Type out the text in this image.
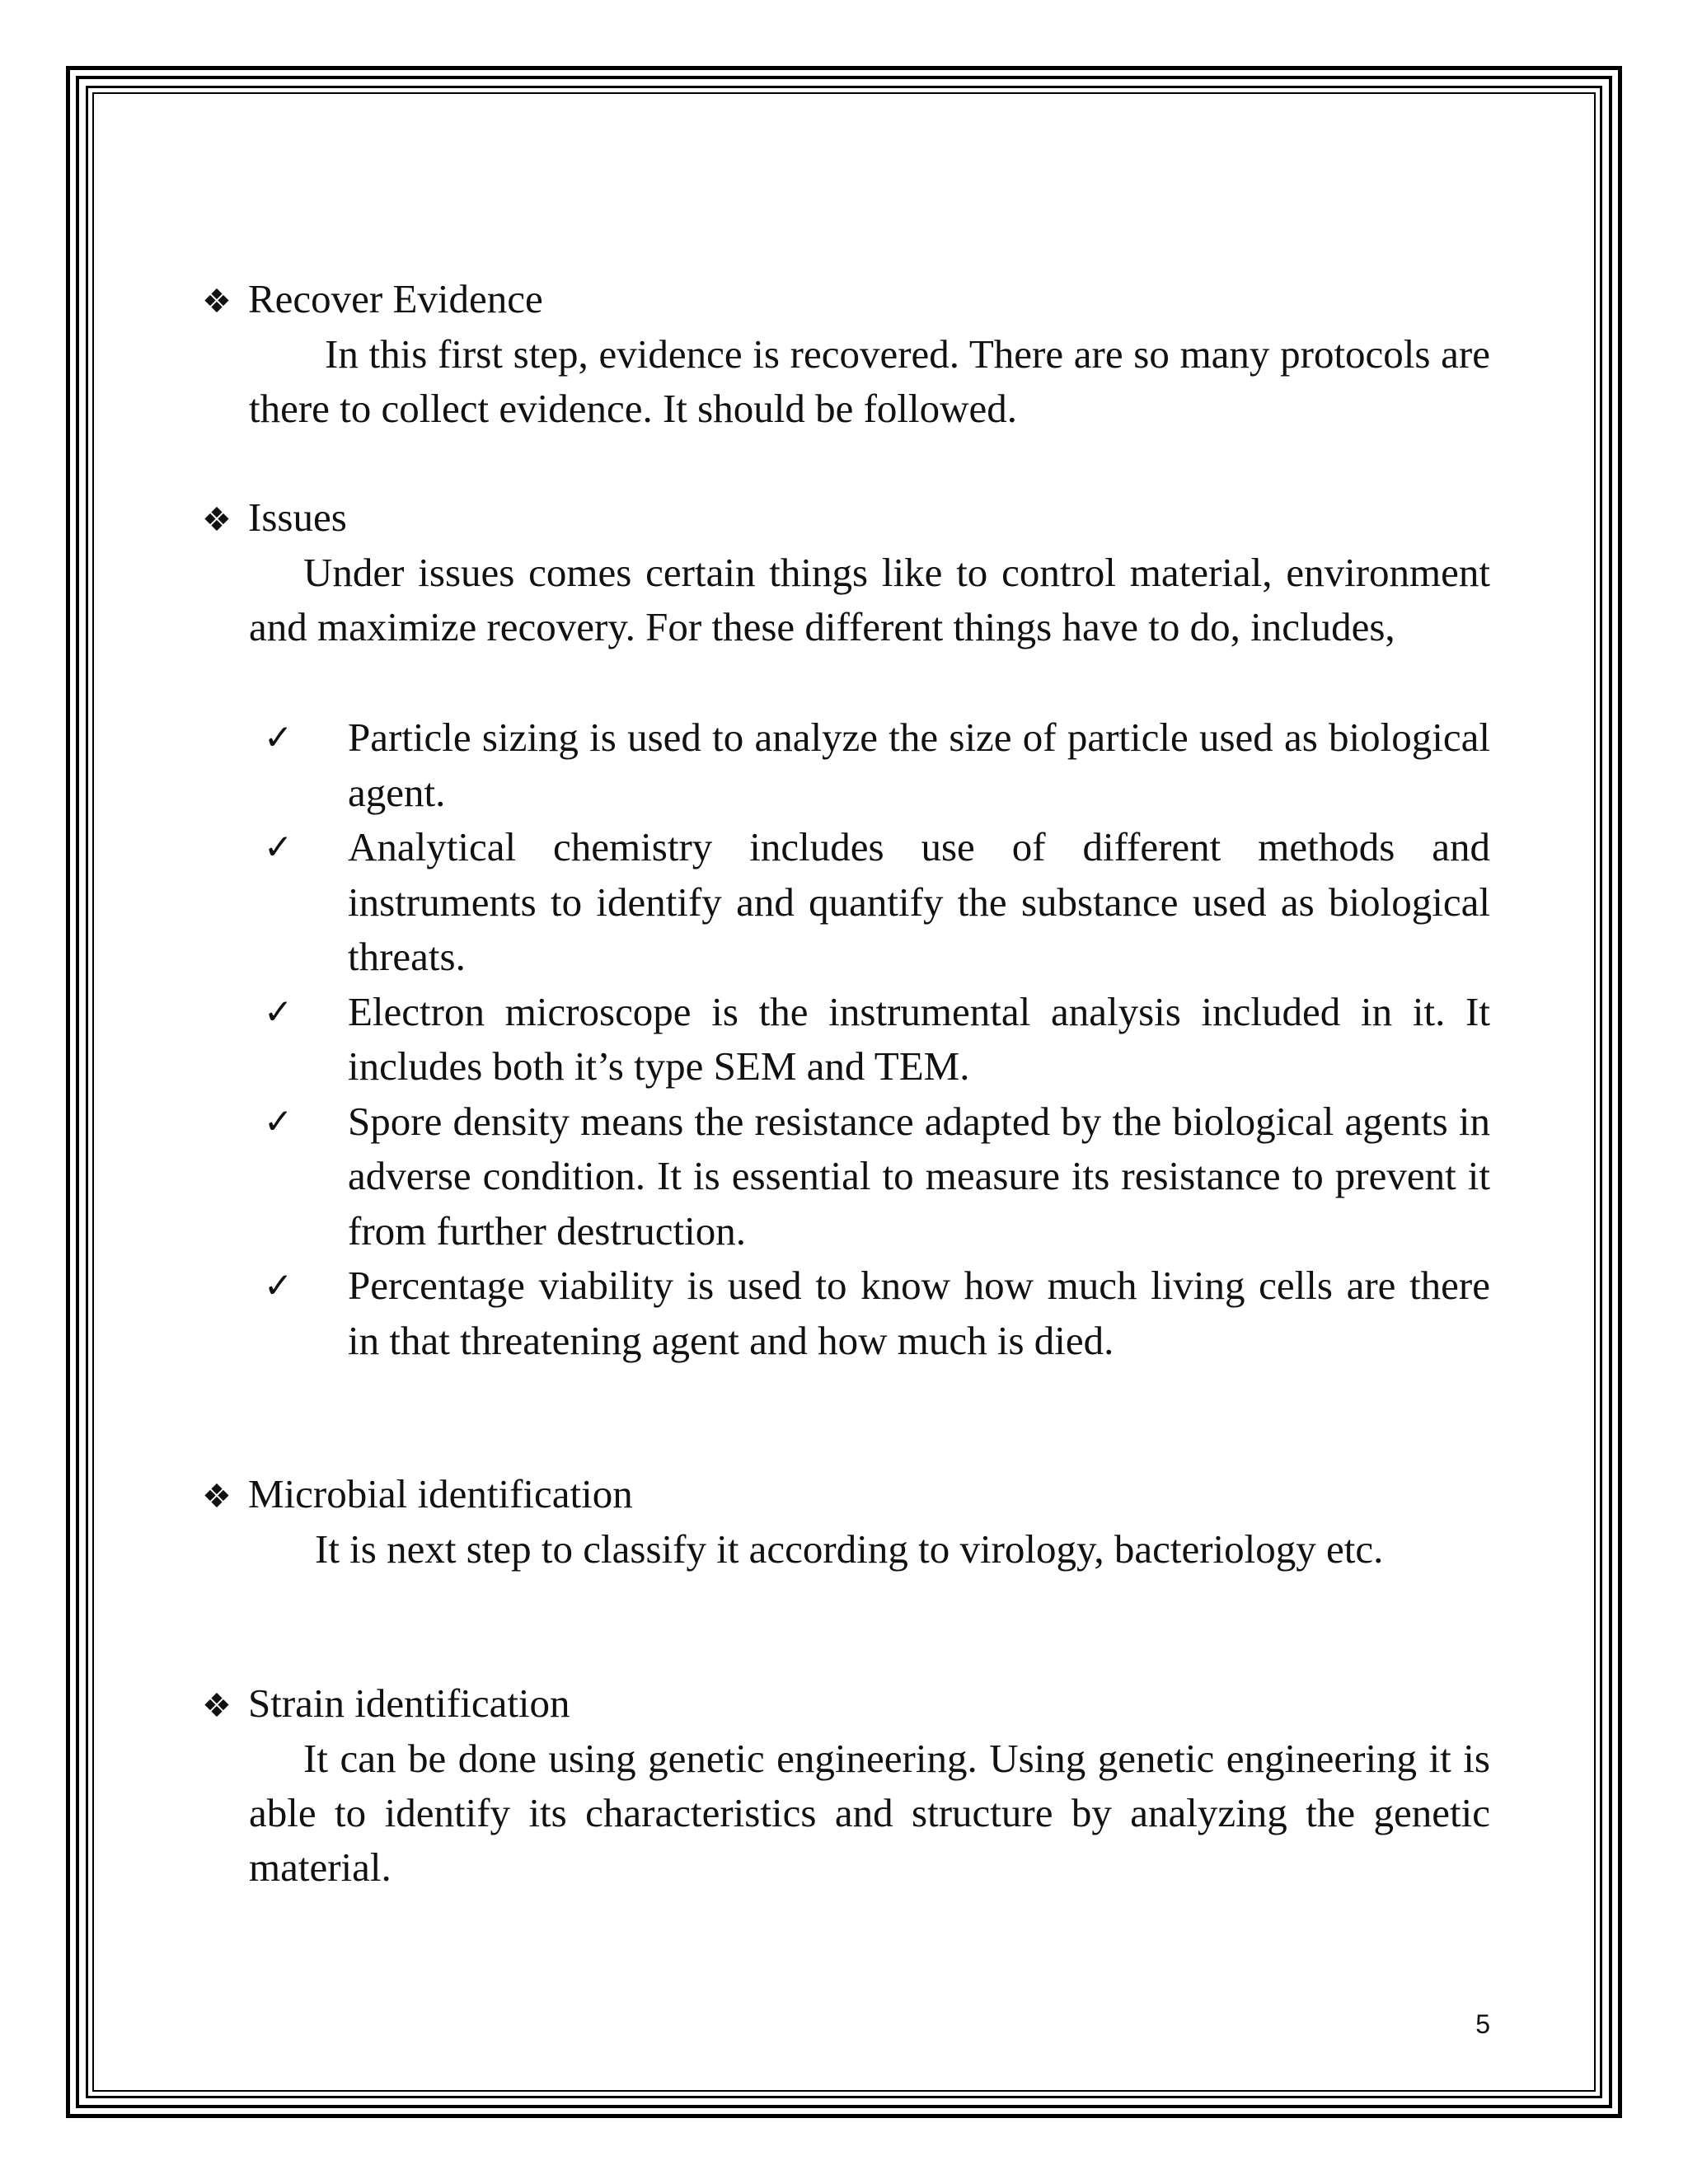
❖ Recover Evidence
In this first step, evidence is recovered. There are so many protocols are there to collect evidence. It should be followed.
❖ Issues
Under issues comes certain things like to control material, environment and maximize recovery. For these different things have to do, includes,
✓ Particle sizing is used to analyze the size of particle used as biological agent.
✓ Analytical chemistry includes use of different methods and instruments to identify and quantify the substance used as biological threats.
✓ Electron microscope is the instrumental analysis included in it. It includes both it’s type SEM and TEM.
✓ Spore density means the resistance adapted by the biological agents in adverse condition. It is essential to measure its resistance to prevent it from further destruction.
✓ Percentage viability is used to know how much living cells are there in that threatening agent and how much is died.
❖ Microbial identification
It is next step to classify it according to virology, bacteriology etc.
❖ Strain identification
It can be done using genetic engineering. Using genetic engineering it is able to identify its characteristics and structure by analyzing the genetic material.
5
